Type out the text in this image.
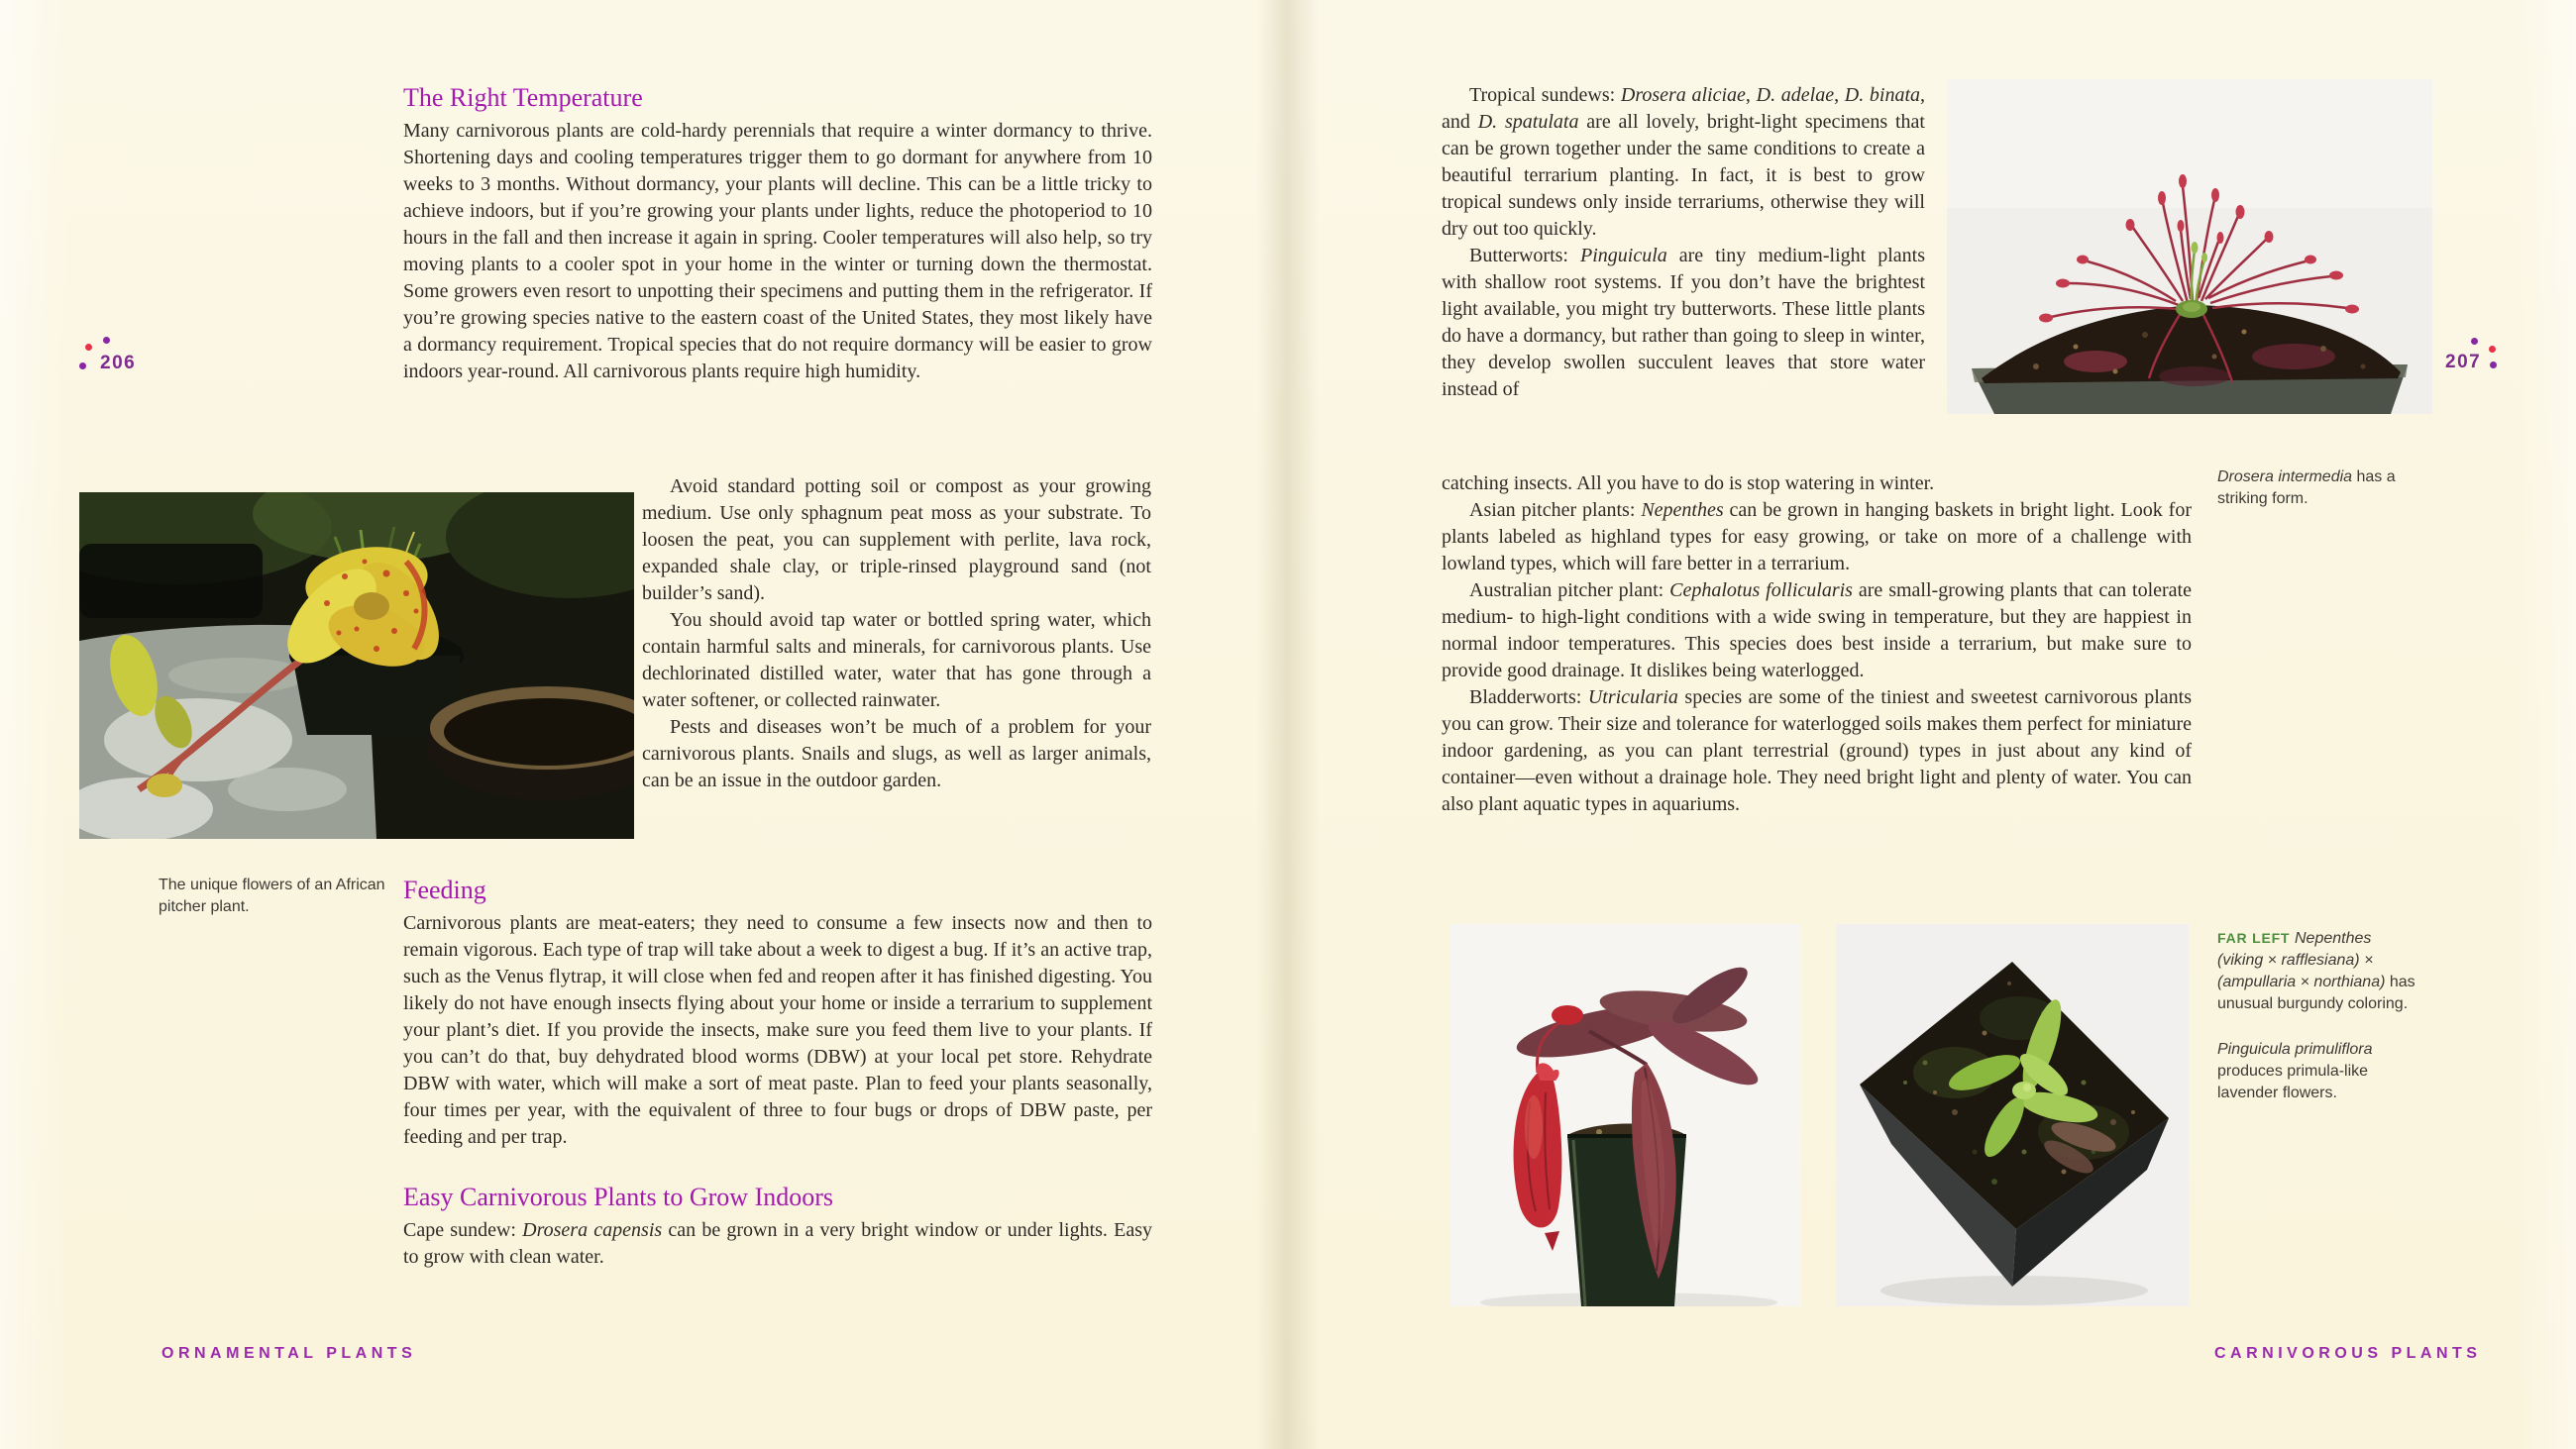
206

The Right Temperature

Many carnivorous plants are cold-hardy perennials that require a winter dormancy to thrive. Shortening days and cooling temperatures trigger them to go dormant for anywhere from 10 weeks to 3 months. Without dormancy, your plants will decline. This can be a little tricky to achieve indoors, but if you’re growing your plants under lights, reduce the photoperiod to 10 hours in the fall and then increase it again in spring. Cooler temperatures will also help, so try moving plants to a cooler spot in your home in the winter or turning down the thermostat. Some growers even resort to unpotting their specimens and putting them in the refrigerator. If you’re growing species native to the eastern coast of the United States, they most likely have a dormancy requirement. Tropical species that do not require dormancy will be easier to grow indoors year-round. All carnivorous plants require high humidity.

Avoid standard potting soil or compost as your growing medium. Use only sphagnum peat moss as your substrate. To loosen the peat, you can supplement with perlite, lava rock, expanded shale clay, or triple-rinsed playground sand (not builder’s sand).

You should avoid tap water or bottled spring water, which contain harmful salts and minerals, for carnivorous plants. Use dechlorinated distilled water, water that has gone through a water softener, or collected rainwater.

Pests and diseases won’t be much of a problem for your carnivorous plants. Snails and slugs, as well as larger animals, can be an issue in the outdoor garden.

The unique flowers of an African pitcher plant.

Feeding

Carnivorous plants are meat-eaters; they need to consume a few insects now and then to remain vigorous. Each type of trap will take about a week to digest a bug. If it’s an active trap, such as the Venus flytrap, it will close when fed and reopen after it has finished digesting. You likely do not have enough insects flying about your home or inside a terrarium to supplement your plant’s diet. If you provide the insects, make sure you feed them live to your plants. If you can’t do that, buy dehydrated blood worms (DBW) at your local pet store. Rehydrate DBW with water, which will make a sort of meat paste. Plan to feed your plants seasonally, four times per year, with the equivalent of three to four bugs or drops of DBW paste, per feeding and per trap.

Easy Carnivorous Plants to Grow Indoors

Cape sundew: Drosera capensis can be grown in a very bright window or under lights. Easy to grow with clean water.

ORNAMENTAL PLANTS

Tropical sundews: Drosera aliciae, D. adelae, D. binata, and D. spatulata are all lovely, bright-light specimens that can be grown together under the same conditions to create a beautiful terrarium planting. In fact, it is best to grow tropical sundews only inside terrariums, otherwise they will dry out too quickly.

Butterworts: Pinguicula are tiny medium-light plants with shallow root systems. If you don’t have the brightest light available, you might try butterworts. These little plants do have a dormancy, but rather than going to sleep in winter, they develop swollen succulent leaves that store water instead of

catching insects. All you have to do is stop watering in winter.

Asian pitcher plants: Nepenthes can be grown in hanging baskets in bright light. Look for plants labeled as highland types for easy growing, or take on more of a challenge with lowland types, which will fare better in a terrarium.

Australian pitcher plant: Cephalotus follicularis are small-growing plants that can tolerate medium- to high-light conditions with a wide swing in temperature, but they are happiest in normal indoor temperatures. This species does best inside a terrarium, but make sure to provide good drainage. It dislikes being waterlogged.

Bladderworts: Utricularia species are some of the tiniest and sweetest carnivorous plants you can grow. Their size and tolerance for waterlogged soils makes them perfect for miniature indoor gardening, as you can plant terrestrial (ground) types in just about any kind of container—even without a drainage hole. They need bright light and plenty of water. You can also plant aquatic types in aquariums.

207

Drosera intermedia has a striking form.

FAR LEFT Nepenthes (viking × rafflesiana) × (ampullaria × northiana) has unusual burgundy coloring.

Pinguicula primuliflora produces primula-like lavender flowers.

CARNIVOROUS PLANTS
